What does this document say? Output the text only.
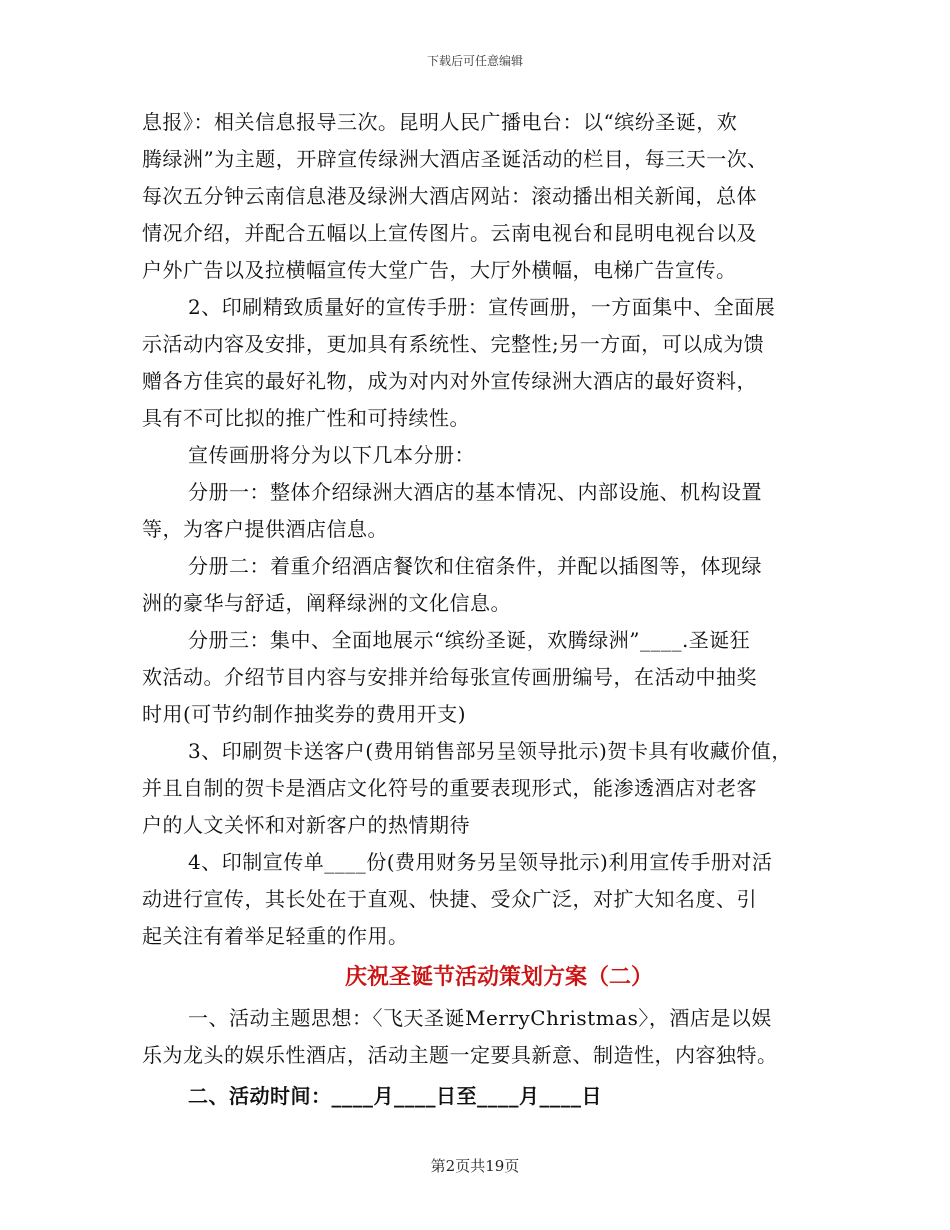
下载后可任意编辑
息报》：相关信息报导三次。昆明人民广播电台：以“缤纷圣诞，欢
腾绿洲”为主题，开辟宣传绿洲大酒店圣诞活动的栏目，每三天一次、
每次五分钟云南信息港及绿洲大酒店网站：滚动播出相关新闻，总体
情况介绍，并配合五幅以上宣传图片。云南电视台和昆明电视台以及
户外广告以及拉横幅宣传大堂广告，大厅外横幅，电梯广告宣传。
2、印刷精致质量好的宣传手册：宣传画册，一方面集中、全面展
示活动内容及安排，更加具有系统性、完整性;另一方面，可以成为馈
赠各方佳宾的最好礼物，成为对内对外宣传绿洲大酒店的最好资料，
具有不可比拟的推广性和可持续性。
宣传画册将分为以下几本分册：
分册一：整体介绍绿洲大酒店的基本情况、内部设施、机构设置
等，为客户提供酒店信息。
分册二：着重介绍酒店餐饮和住宿条件，并配以插图等，体现绿
洲的豪华与舒适，阐释绿洲的文化信息。
分册三：集中、全面地展示“缤纷圣诞，欢腾绿洲”____.圣诞狂
欢活动。介绍节目内容与安排并给每张宣传画册编号，在活动中抽奖
时用(可节约制作抽奖券的费用开支)
3、印刷贺卡送客户(费用销售部另呈领导批示)贺卡具有收藏价值，
并且自制的贺卡是酒店文化符号的重要表现形式，能渗透酒店对老客
户的人文关怀和对新客户的热情期待
4、印制宣传单____份(费用财务另呈领导批示)利用宣传手册对活
动进行宣传，其长处在于直观、快捷、受众广泛，对扩大知名度、引
起关注有着举足轻重的作用。
庆祝圣诞节活动策划方案（二）
一、活动主题思想：〈飞天圣诞MerryChristmas〉，酒店是以娱
乐为龙头的娱乐性酒店，活动主题一定要具新意、制造性，内容独特。
二、活动时间：____月____日至____月____日
第2页共19页
